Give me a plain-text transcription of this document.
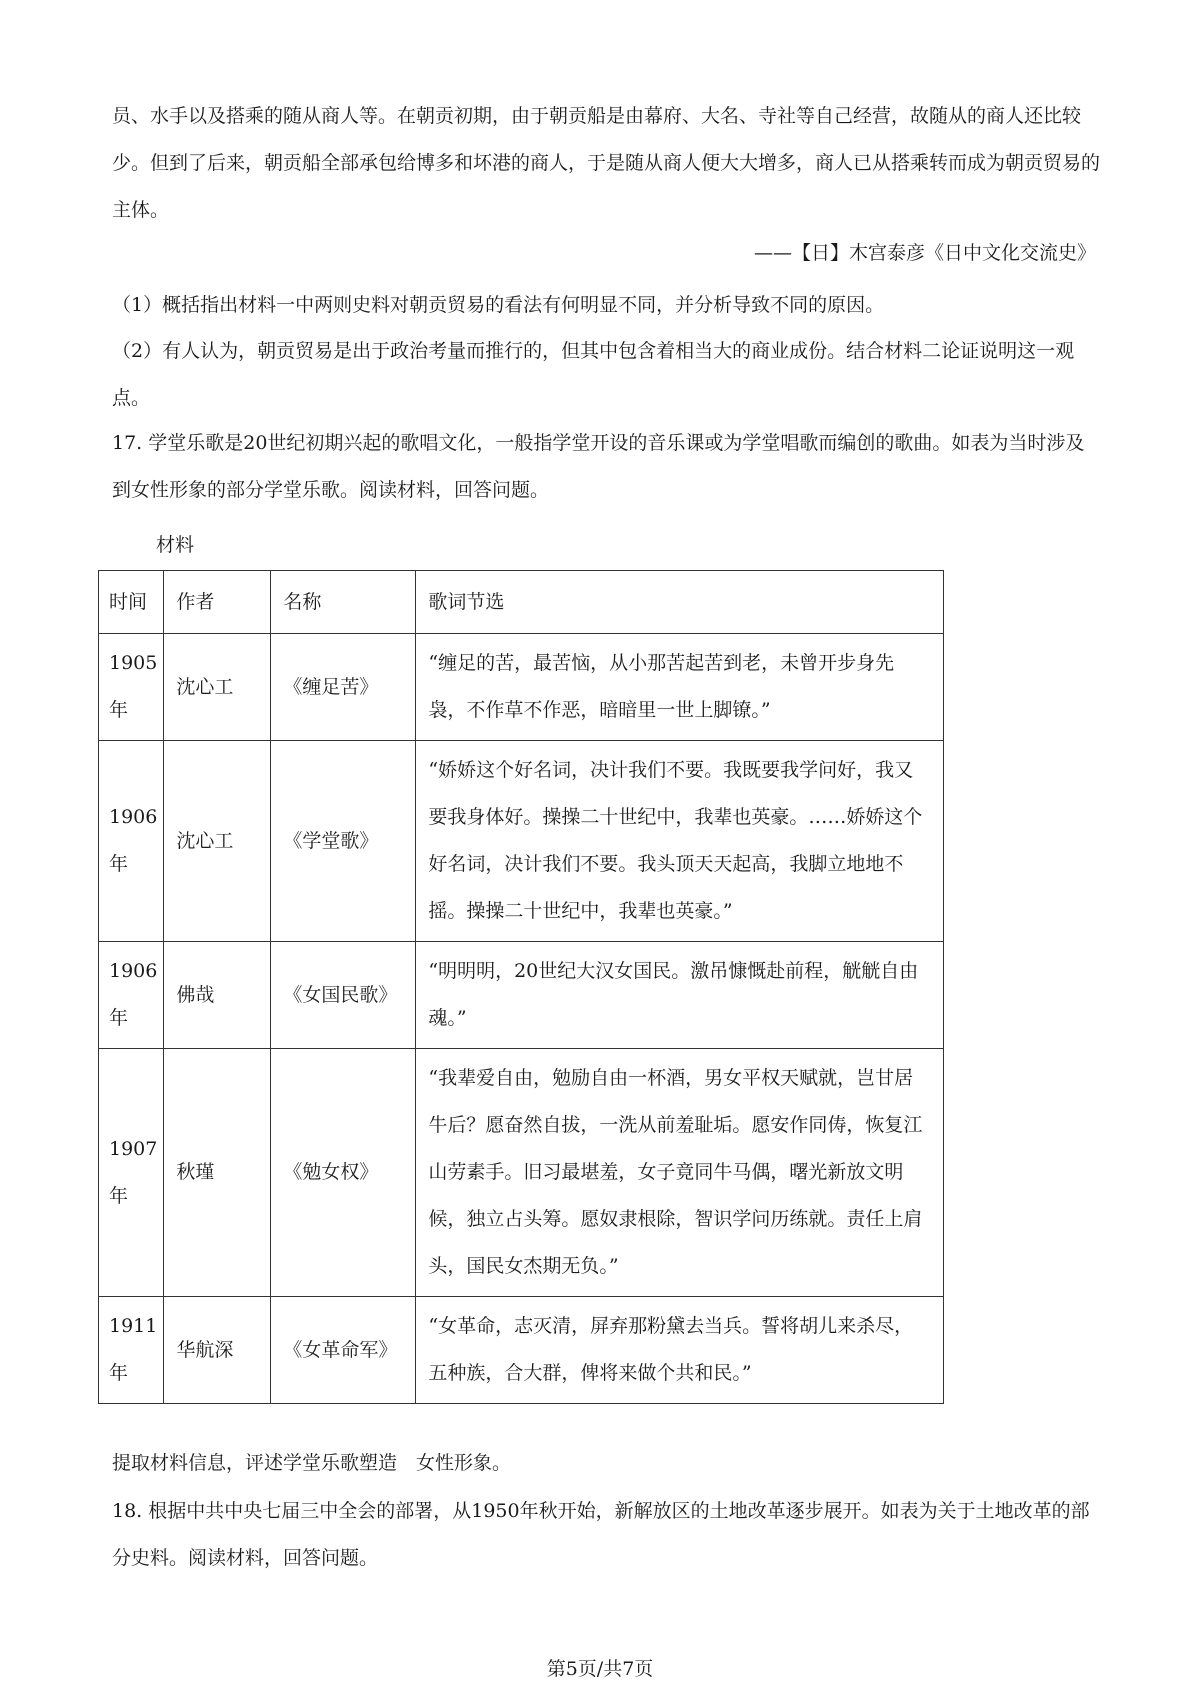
员、水手以及搭乘的随从商人等。在朝贡初期，由于朝贡船是由幕府、大名、寺社等自己经营，故随从的商人还比较少。但到了后来，朝贡船全部承包给博多和坏港的商人，于是随从商人便大大增多，商人已从搭乘转而成为朝贡贸易的主体。

——【日】木宫泰彦《日中文化交流史》

（1）概括指出材料一中两则史料对朝贡贸易的看法有何明显不同，并分析导致不同的原因。

（2）有人认为，朝贡贸易是出于政治考量而推行的，但其中包含着相当大的商业成份。结合材料二论证说明这一观点。

17. 学堂乐歌是20世纪初期兴起的歌唱文化，一般指学堂开设的音乐课或为学堂唱歌而编创的歌曲。如表为当时涉及到女性形象的部分学堂乐歌。阅读材料，回答问题。

材料
时间	作者	名称	歌词节选
1905年	沈心工	《缠足苦》	“缠足的苦，最苦恼，从小那苦起苦到老，未曾开步身先袅，不作草不作恶，暗暗里一世上脚镣。”
1906年	沈心工	《学堂歌》	“娇娇这个好名词，决计我们不要。我既要我学问好，我又要我身体好。操操二十世纪中，我辈也英豪。……娇娇这个好名词，决计我们不要。我头顶天天起高，我脚立地地不摇。操操二十世纪中，我辈也英豪。”
1906年	佛哉	《女国民歌》	“明明明，20世纪大汉女国民。激吊慷慨赴前程，觥觥自由魂。”
1907年	秋瑾	《勉女权》	“我辈爱自由，勉励自由一杯酒，男女平权天赋就，岂甘居牛后？愿奋然自拔，一洗从前羞耻垢。愿安作同俦，恢复江山劳素手。旧习最堪羞，女子竟同牛马偶，曙光新放文明候，独立占头筹。愿奴隶根除，智识学问历练就。责任上肩头，国民女杰期无负。”
1911年	华航深	《女革命军》	“女革命，志灭清，屏弃那粉黛去当兵。誓将胡儿来杀尽，五种族，合大群，俾将来做个共和民。”

提取材料信息，评述学堂乐歌塑造　女性形象。

18. 根据中共中央七届三中全会的部署，从1950年秋开始，新解放区的土地改革逐步展开。如表为关于土地改革的部分史料。阅读材料，回答问题。

第5页/共7页
